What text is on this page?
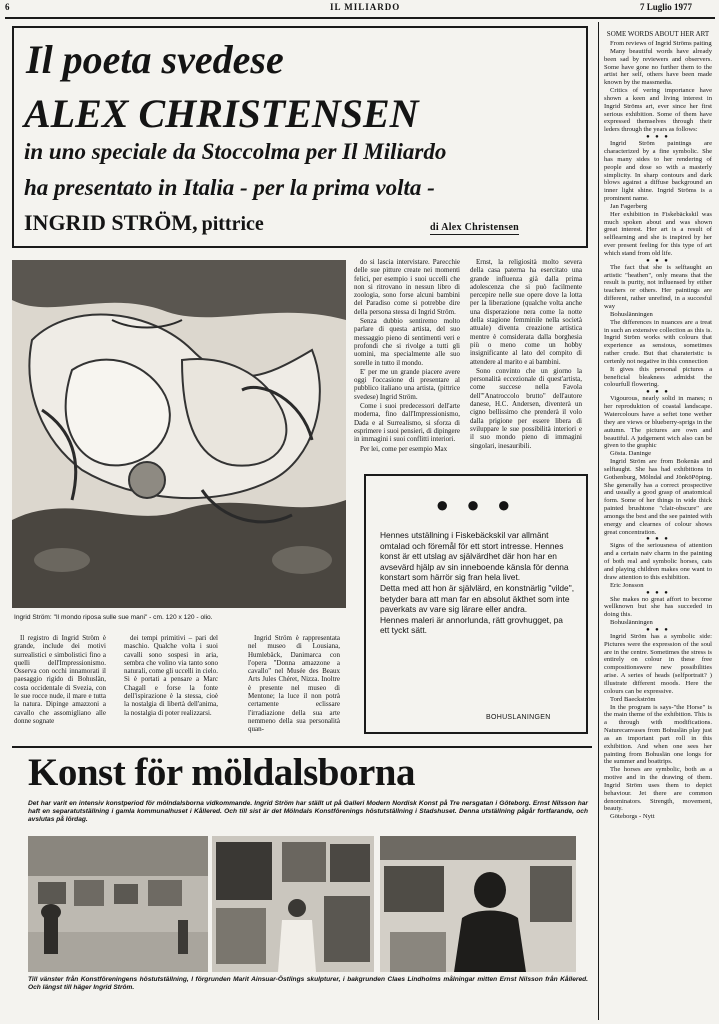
6	IL MILIARDO	7 Luglio 1977
Il poeta svedese
ALEX CHRISTENSEN
in uno speciale da Stoccolma per Il Miliardo
ha presentato in Italia - per la prima volta -
INGRID STRÖM, pittrice	di Alex Christensen
Ingrid Ström: "Il mondo riposa sulle sue mani" - cm. 120 x 120 - olio.

Il registro di Ingrid Ström è grande, include dei motivi surrealistici e simbolistici fino a quelli dell'Impressionismo. Osserva con occhi innamorati il paesaggio rigido di Bohuslän, costa occidentale di Svezia, con le sue rocce nude, il mare e tutta la natura. Dipinge amazzoni a cavallo che assomigliano alle donne sognate

dei tempi primitivi – pari del maschio. Qualche volta i suoi cavalli sono sospesi in aria, sembra che volino via tanto sono naturali, come gli uccelli in cielo. Si è portati a pensare a Marc Chagall e forse la fonte dell'ispirazione è la stessa, cioè la nostalgia di libertà dell'anima, la nostalgia di poter realizzarsi.

Ingrid Ström è rappresentata nel museo di Lousiana, Humlebäck, Danimarca con l'opera "Donna amazzone a cavallo" nel Musée des Beaux Arts Jules Chéret, Nizza. Inoltre è presente nel museo di Mentone; la luce il non potrà certamente eclissare l'irradiazione della sua arte nemmeno della sua personalità quan-

do si lascia intervistare. Parecchie delle sue pitture create nei momenti felici, per esempio i suoi uccelli che non si ritrovano in nessun libro di zoologia, sono forse alcuni bambini del Paradiso come si potrebbe dire della persona stessa di Ingrid Ström.

Senza dubbio sentiremo molto parlare di questa artista, del suo messaggio pieno di sentimenti veri e profondi che si rivolge a tutti gli uomini, ma specialmente alle suo sorelle in tutto il mondo.

E' per me un grande piacere avere oggi l'occasione di presentare al pubblico italiano una artista, (pittrice svedese) Ingrid Ström.

Come i suoi predecessori dell'arte moderna, fino dall'Impressionismo, Dada e al Surrealismo, si sforza di esprimere i suoi pensieri, di dipingere in immagini i suoi conflitti interiori.

Per lei, come per esempio Max

Ernst, la religiosità molto severa della casa paterna ha esercitato una grande influenza già dalla prima adolescenza che si può facilmente percepire nelle sue opere dove la lotta per la liberazione (qualche volta anche una disperazione nera come la notte della stagione femminile nella società attuale) diventa creazione artistica mentre è comsiderata dalla borghesia più o meno come un hobby insignificante al lato del compito di attendere al marito e ai bambini.

Sono convinto che un giorno la personalità eccezionale di quest'artista, come succese nella Favola dell'"Anatroccolo brutto" dell'autore danese, H.C. Andersen, diventerà un cigno bellissimo che prenderà il volo dalla prigione per essere libera di sviluppare le sue possibilità interiori e il suo mondo pieno di immagini singolari, inesauribili.

● ● ●
Hennes utställning i Fiskebäckskil var allmänt omtalad och föremål för ett stort intresse. Hennes konst är ett utslag av självärdhet där hon har en avsevärd hjälp av sin inneboende känsla för denna konstart som härrör sig fran hela livet.
Detta med att hon är självlärd, en konstnärlig "vilde", betyder bara att man far en absolut äkthet som inte paverkats av vare sig lärare eller andra.
Hennes maleri är annorlunda, rätt grovhugget, pa ett tyckt sätt.
BOHUSLANINGEN
SOME WORDS ABOUT HER ART

From reviews of Ingrid Ströms paiting

Many beautiful words have already been sad by reviewers and observers. Some have gone no further them to the artist her self, others have been made known by the massmedia.

Critics of vering importance have shown a keen and living interest in Ingrid Ströms art, ever since her first serious exhibition. Some of them have expressed themselves through their leders through the years as follows:

● ● ●

Ingrid Ström paintings are characterized by a fine symbolic. She has many sides to her rendering of people and dose so with a masterly simplicity. In sharp contours and dark blows against a diffuse background an inner light shine. Ingrid Ströms is a prominent name.

Jan Fagerberg

Her exhibition in Fiskebäckskil was much spoken about and was shown great interest. Her art is a result of selflearning and she is inspired by her ever present feeling for this type of art which stand from old life.

● ● ●

The fact that she is selftaught an artistic "heathen", only means that the result is purity, not influensed by either teachers or others. Her paintings are different, rather unrefind, in a succesful way

Bohuslänningen

The differences in nuances are a treat in such an extensive collection as this is. Ingrid Ström works with colours that experience as sensious, sometimes rather crude. But that charateristic is certenly not negative in this connection

It gives this personal pictures a beneficial bleakness admidst the colourfull flowering.

● ● ●

Vigourous, nearly solid in manes; n her reproduktion of coastal landscape. Watercolours have a seftet tone wether they are views or blueberry-sprigs in the autumn. The pictures are own and beautiful. A judgement wich also can be given to the graphic

Gösta. Daninge

Ingrid Ström are from Bokenäs and selftaught. She has had exhibitions in Gothenburg, Mölndal and JönköPöping. She generally has a correct prospective and usually a good grasp of anatomical form. Some of her things in wide thick painted brushtone "clair-obscure" are amongs the best and the see painted with energy and clearnes of colour shows great concentration.

● ● ●

Signs of the seriousness of attention and a certain naiv charm in the painting of both real and symbolic horses, cats and playing children makes one want to draw attention to this exhibition.

Eric Jonsson

● ● ●

She makes no great affort to become wellknown but she has succeded in doing this.

Bohuslänningen

● ● ●

Ingrid Ström has a symbolic side: Pictures were the expression of the soul are in the centre. Sometimes the stress is entirely on colour in these free compositionswere new possibilities arise. A series of heads (selfportrait? ) illustrate different moods. Here the colours can be expressive.

Tord Baeckström

In the program is says-"the Horse" is the main theme of the exhibition. This is a through with modifications. Naturecanvases from Bohuslän play just as an important part roll in this exhibition. And when one sees her painting from Bohuslän one longs for the summer and boattrips.

The horses are symbolic, both as a motive and in the drawing of them. Ingrid Ström uses them to depict behaviour. Jet there are common denominators. Strength, movement, beauty.

Göteborgs - Nytt

Konst för möldalsborna
Det har varit en intensiv konstperiod för mölndalsborna vidkommande. Ingrid Ström har ställt ut på Galleri Modern Nordisk Konst på Tre nersgatan i Göteborg. Ernst Nilsson har haft en separatutställning i gamla kommunalhuset i Kållered. Och till sist är det Mölndals Konstförenings höstutställning i Stadshuset. Denna utställning pågår fortfarande, och avslutas på lördag.
Till vänster från Konstföreningens höstutställning, I förgrunden Marit Ainsuar-Östlings skulpturer, i bakgrunden Claes Lindholms målningar mitten Ernst Nilsson från Kållered. Och längst till häger Ingrid Ström.
